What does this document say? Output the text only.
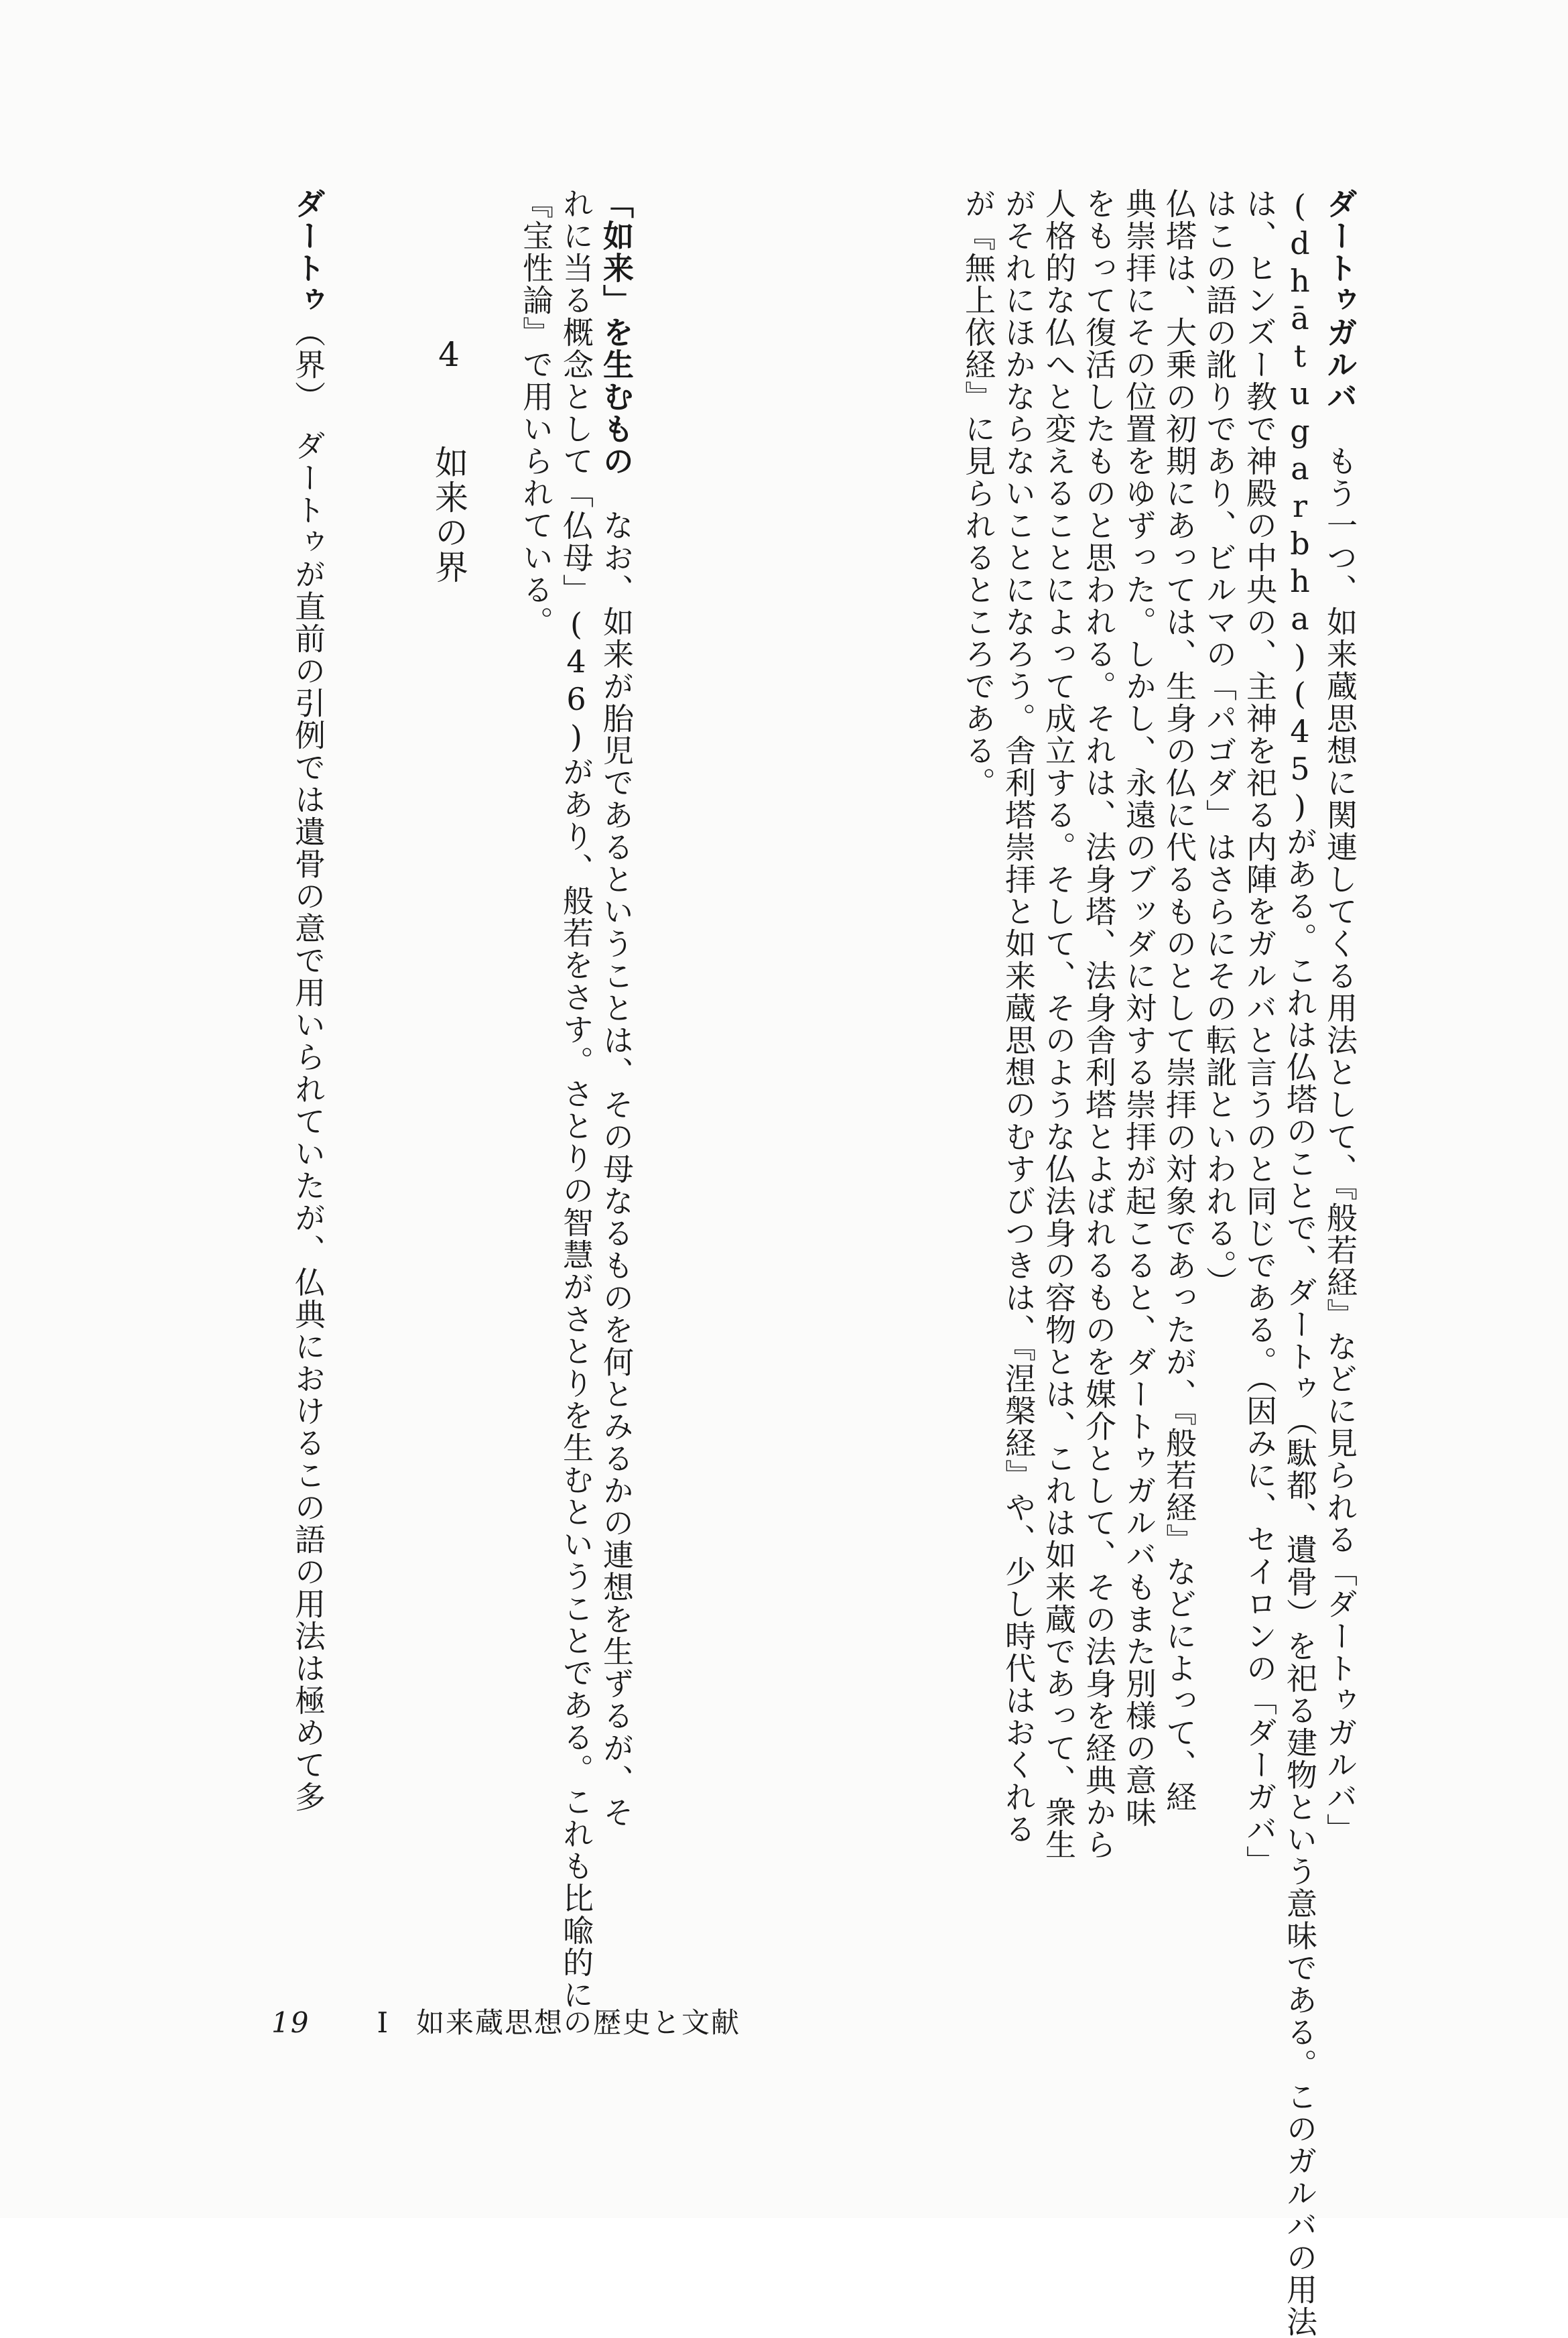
ダートゥガルバ　もう一つ、如来蔵思想に関連してくる用法として、『般若経』などに見られる「ダートゥガルバ」
(dhātugarbha)(45)がある。これは仏塔のことで、ダートゥ（駄都、遺骨）を祀る建物という意味である。このガルバの用法
は、ヒンズー教で神殿の中央の、主神を祀る内陣をガルバと言うのと同じである。（因みに、セイロンの「ダーガバ」
はこの語の訛りであり、ビルマの「パゴダ」はさらにその転訛といわれる。）
仏塔は、大乗の初期にあっては、生身の仏に代るものとして崇拝の対象であったが、『般若経』などによって、経
典崇拝にその位置をゆずった。しかし、永遠のブッダに対する崇拝が起こると、ダートゥガルバもまた別様の意味
をもって復活したものと思われる。それは、法身塔、法身舎利塔とよばれるものを媒介として、その法身を経典から
人格的な仏へと変えることによって成立する。そして、そのような仏法身の容物とは、これは如来蔵であって、衆生
がそれにほかならないことになろう。舎利塔崇拝と如来蔵思想のむすびつきは、『涅槃経』や、少し時代はおくれる
が『無上依経』に見られるところである。
「如来」を生むもの　なお、如来が胎児であるということは、その母なるものを何とみるかの連想を生ずるが、そ
れに当る概念として「仏母」(46)があり、般若をさす。さとりの智慧がさとりを生むということである。これも比喩的に
『宝性論』で用いられている。
4　　如来の界
ダートゥ（界）　ダートゥが直前の引例では遺骨の意で用いられていたが、仏典におけるこの語の用法は極めて多
19 I 如来蔵思想の歴史と文献
